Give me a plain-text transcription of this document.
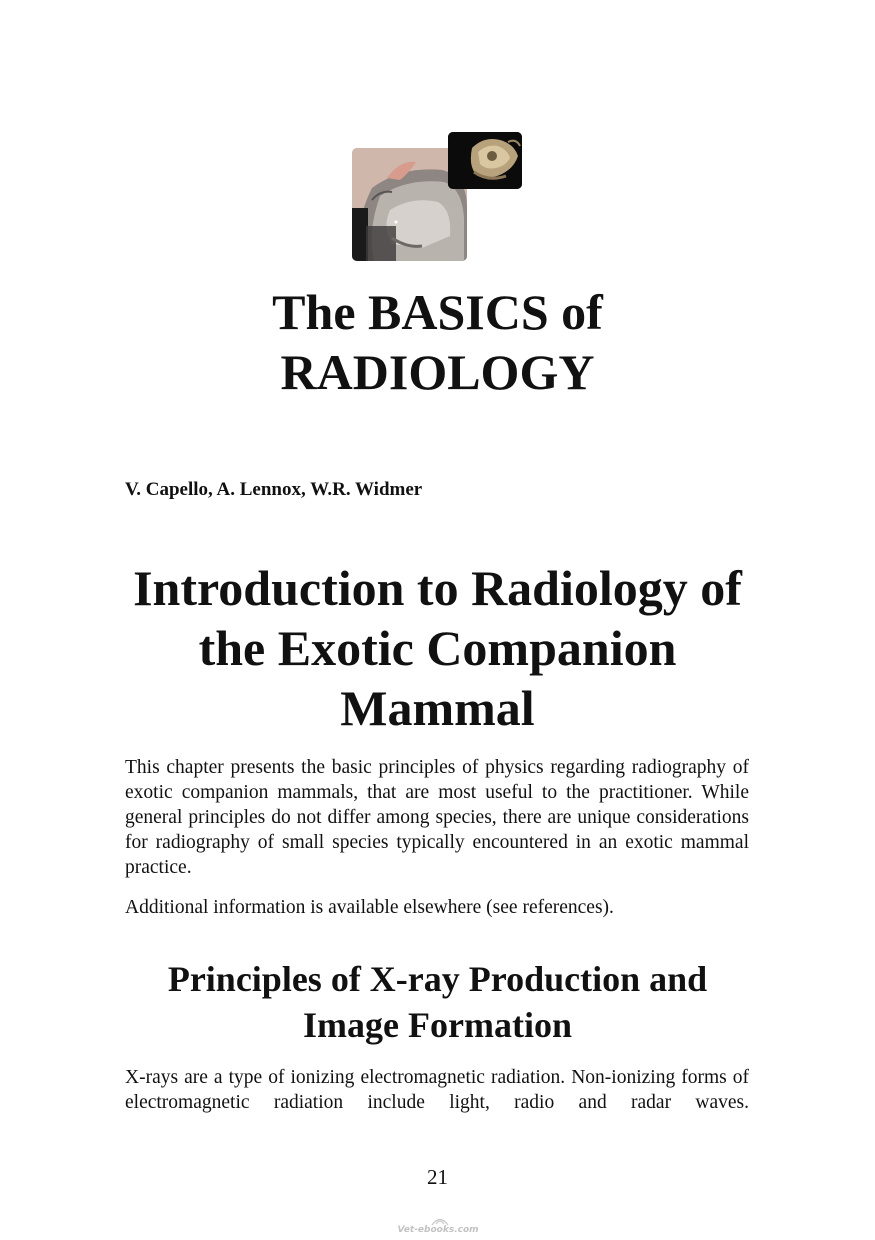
The BASICS of
RADIOLOGY

V. Capello, A. Lennox, W.R. Widmer

Introduction to Radiology of
the Exotic Companion
Mammal

This chapter presents the basic principles of physics regarding radiography of exotic companion mammals, that are most useful to the practitioner. While general principles do not differ among species, there are unique considerations for radiography of small species typically encountered in an exotic mammal practice.

Additional information is available elsewhere (see references).

Principles of X-ray Production and
Image Formation

X-rays are a type of ionizing electromagnetic radiation. Non-ionizing forms of electromagnetic radiation include light, radio and radar waves.

21
Vet-ebooks.com
